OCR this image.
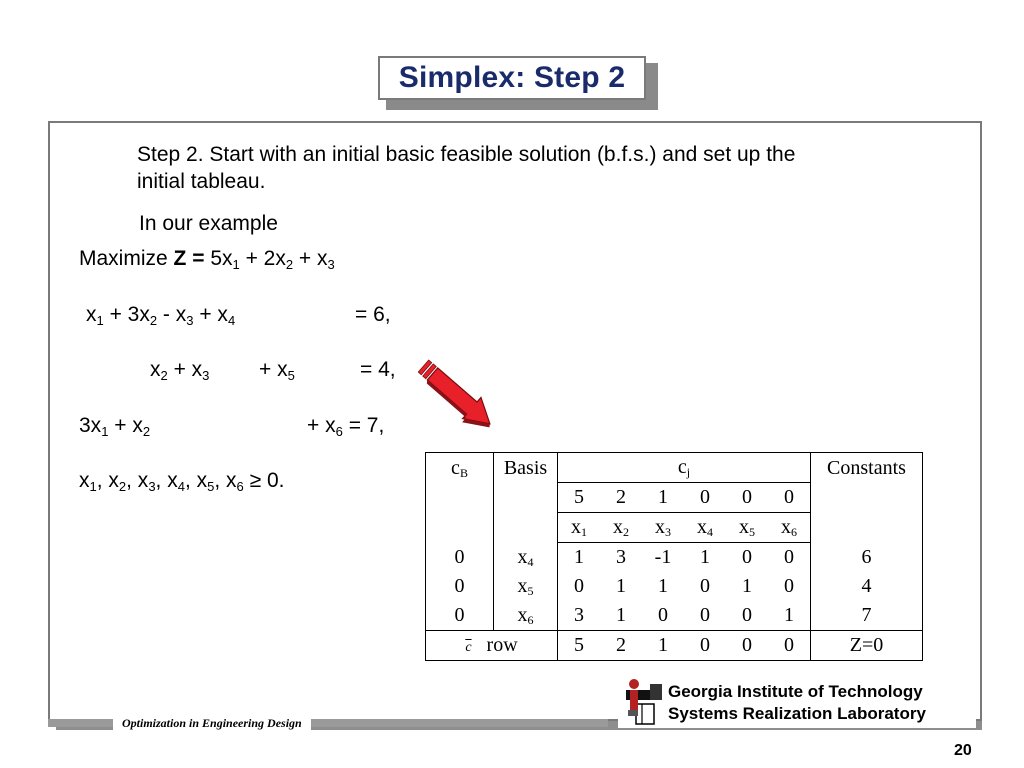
Simplex: Step 2
Step 2. Start with an initial basic feasible solution (b.f.s.) and set up the
initial tableau.
In our example
Maximize $Z = 5x_1 + 2x_2 + x_3$
$x_1 + 3x_2 - x_3 + x_4$	= 6,
$x_2 + x_3 + x_5$	= 4,
$3x_1 + x_2$	+ $x_6 = 7$,
$x_1$, $x_2$, $x_3$, $x_4$, $x_5$, $x_6 \ge 0$.
$c_B$	Basis	$c_j$						Constants
		5	2	1	0	0	0	
		$x_1$	$x_2$	$x_3$	$x_4$	$x_5$	$x_6$
0	$x_4$	1	3	-1	1	0	0	6
0	$x_5$	0	1	1	0	1	0	4
0	$x_6$	3	1	0	0	0	1	7
$\overline{c}$ row		5	2	1	0	0	0	Z=0
Optimization in Engineering Design
Georgia Institute of Technology
Systems Realization Laboratory
20
